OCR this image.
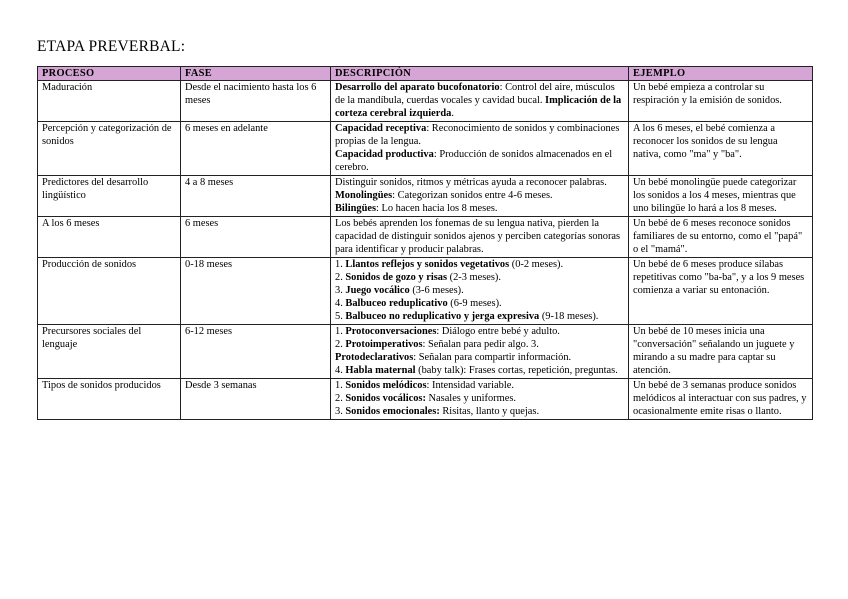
ETAPA PREVERBAL:
PROCESO	FASE	DESCRIPCIÓN	EJEMPLO
Maduración	Desde el nacimiento hasta los 6 meses	Desarrollo del aparato bucofonatorio: Control del aire, músculos de la mandíbula, cuerdas vocales y cavidad bucal. Implicación de la corteza cerebral izquierda.	Un bebé empieza a controlar su respiración y la emisión de sonidos.
Percepción y categorización de sonidos	6 meses en adelante	Capacidad receptiva: Reconocimiento de sonidos y combinaciones propias de la lengua.
Capacidad productiva: Producción de sonidos almacenados en el cerebro.	A los 6 meses, el bebé comienza a reconocer los sonidos de su lengua nativa, como "ma" y "ba".
Predictores del desarrollo lingüístico	4 a 8 meses	Distinguir sonidos, ritmos y métricas ayuda a reconocer palabras.
Monolingües: Categorizan sonidos entre 4-6 meses.
Bilingües: Lo hacen hacia los 8 meses.	Un bebé monolingüe puede categorizar los sonidos a los 4 meses, mientras que uno bilingüe lo hará a los 8 meses.
A los 6 meses	6 meses	Los bebés aprenden los fonemas de su lengua nativa, pierden la capacidad de distinguir sonidos ajenos y perciben categorías sonoras para identificar y producir palabras.	Un bebé de 6 meses reconoce sonidos familiares de su entorno, como el "papá" o el "mamá".
Producción de sonidos	0-18 meses	1. Llantos reflejos y sonidos vegetativos (0-2 meses).
2. Sonidos de gozo y risas (2-3 meses).
3. Juego vocálico (3-6 meses).
4. Balbuceo reduplicativo (6-9 meses).
5. Balbuceo no reduplicativo y jerga expresiva (9-18 meses).	Un bebé de 6 meses produce sílabas repetitivas como "ba-ba", y a los 9 meses comienza a variar su entonación.
Precursores sociales del lenguaje	6-12 meses	1. Protoconversaciones: Diálogo entre bebé y adulto.
2. Protoimperativos: Señalan para pedir algo. 3.
Protodeclarativos: Señalan para compartir información.
4. Habla maternal (baby talk): Frases cortas, repetición, preguntas.	Un bebé de 10 meses inicia una "conversación" señalando un juguete y mirando a su madre para captar su atención.
Tipos de sonidos producidos	Desde 3 semanas	1. Sonidos melódicos: Intensidad variable.
2. Sonidos vocálicos: Nasales y uniformes.
3. Sonidos emocionales: Risitas, llanto y quejas.	Un bebé de 3 semanas produce sonidos melódicos al interactuar con sus padres, y ocasionalmente emite risas o llanto.
